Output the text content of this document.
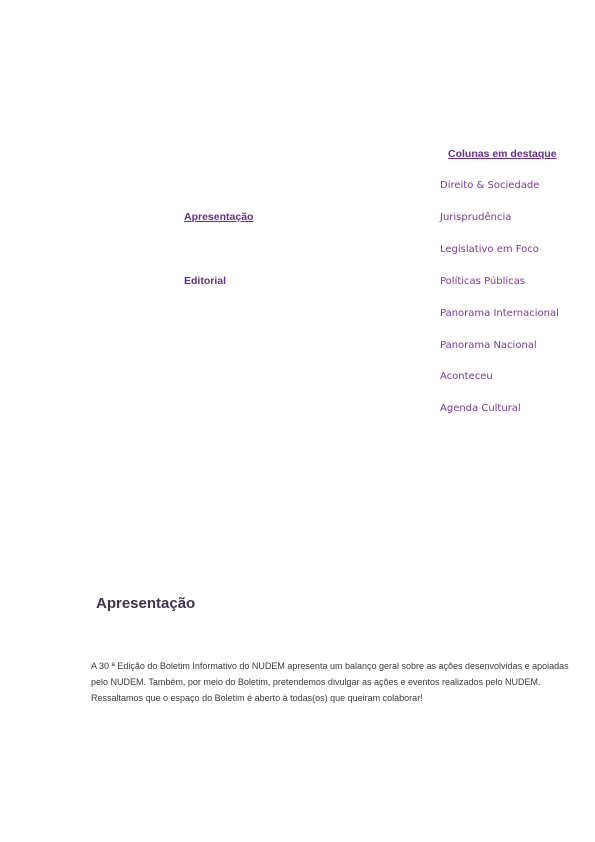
Apresentação
Editorial
Colunas em destaque
Direito & Sociedade
Jurisprudência
Legislativo em Foco
Políticas Públicas
Panorama Internacional
Panorama Nacional
Aconteceu
Agenda Cultural
Apresentação
A 30 ª Edição do Boletim Informativo do NUDEM apresenta um balanço geral sobre as ações desenvolvidas e apoiadas
pelo NUDEM. Também, por meio do Boletim, pretendemos divulgar as ações e eventos realizados pelo NUDEM.
Ressaltamos que o espaço do Boletim é aberto à todas(os) que queiram colaborar!
